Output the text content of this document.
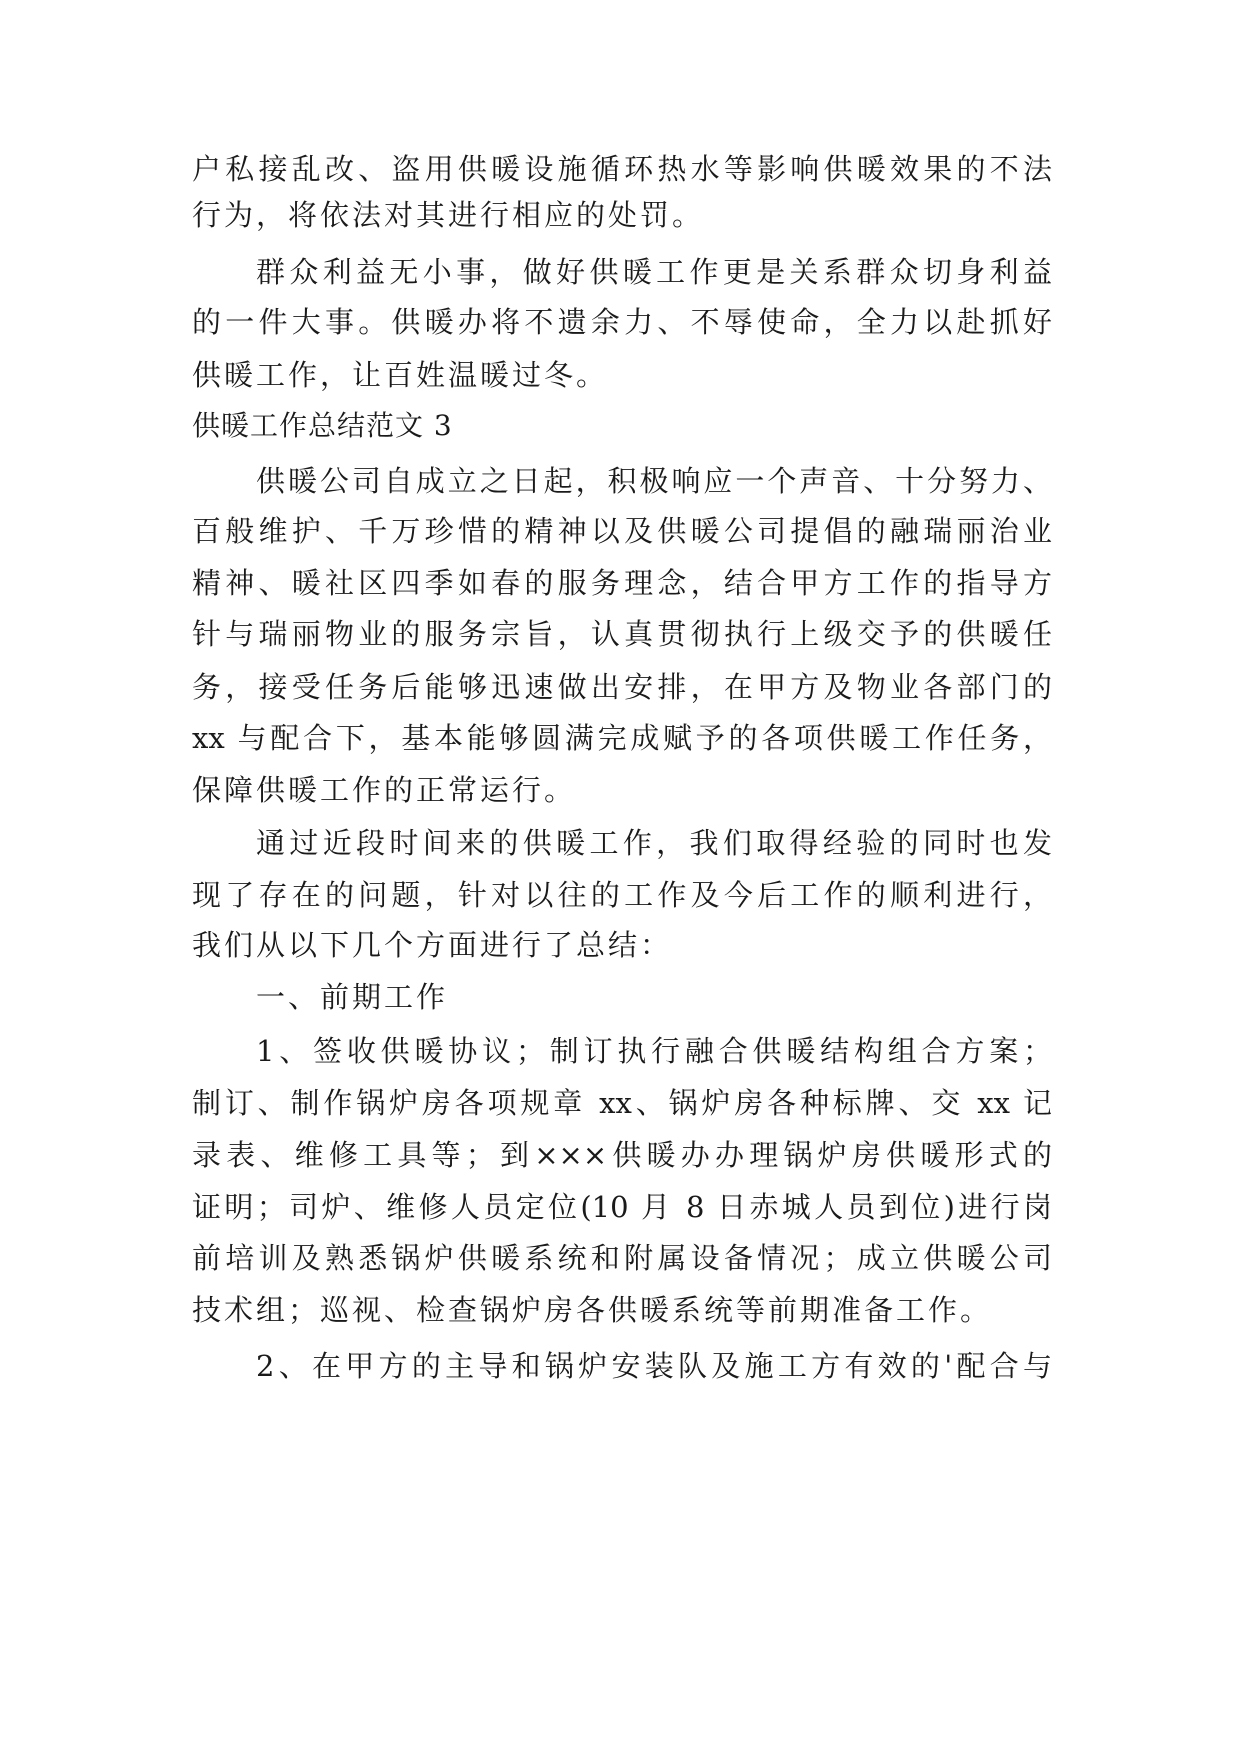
户私接乱改、盗用供暖设施循环热水等影响供暖效果的不法
行为，将依法对其进行相应的处罚。
群众利益无小事，做好供暖工作更是关系群众切身利益
的一件大事。供暖办将不遗余力、不辱使命，全力以赴抓好
供暖工作，让百姓温暖过冬。
供暖工作总结范文 3
供暖公司自成立之日起，积极响应一个声音、十分努力、
百般维护、千万珍惜的精神以及供暖公司提倡的融瑞丽治业
精神、暖社区四季如春的服务理念，结合甲方工作的指导方
针与瑞丽物业的服务宗旨，认真贯彻执行上级交予的供暖任
务，接受任务后能够迅速做出安排，在甲方及物业各部门的
xx 与配合下，基本能够圆满完成赋予的各项供暖工作任务，
保障供暖工作的正常运行。
通过近段时间来的供暖工作，我们取得经验的同时也发
现了存在的问题，针对以往的工作及今后工作的顺利进行，
我们从以下几个方面进行了总结：
一、前期工作
1、签收供暖协议；制订执行融合供暖结构组合方案；
制订、制作锅炉房各项规章 xx、锅炉房各种标牌、交 xx 记
录表、维修工具等；到×××供暖办办理锅炉房供暖形式的
证明；司炉、维修人员定位(10 月 8 日赤城人员到位)进行岗
前培训及熟悉锅炉供暖系统和附属设备情况；成立供暖公司
技术组；巡视、检查锅炉房各供暖系统等前期准备工作。
2、在甲方的主导和锅炉安装队及施工方有效的'配合与
